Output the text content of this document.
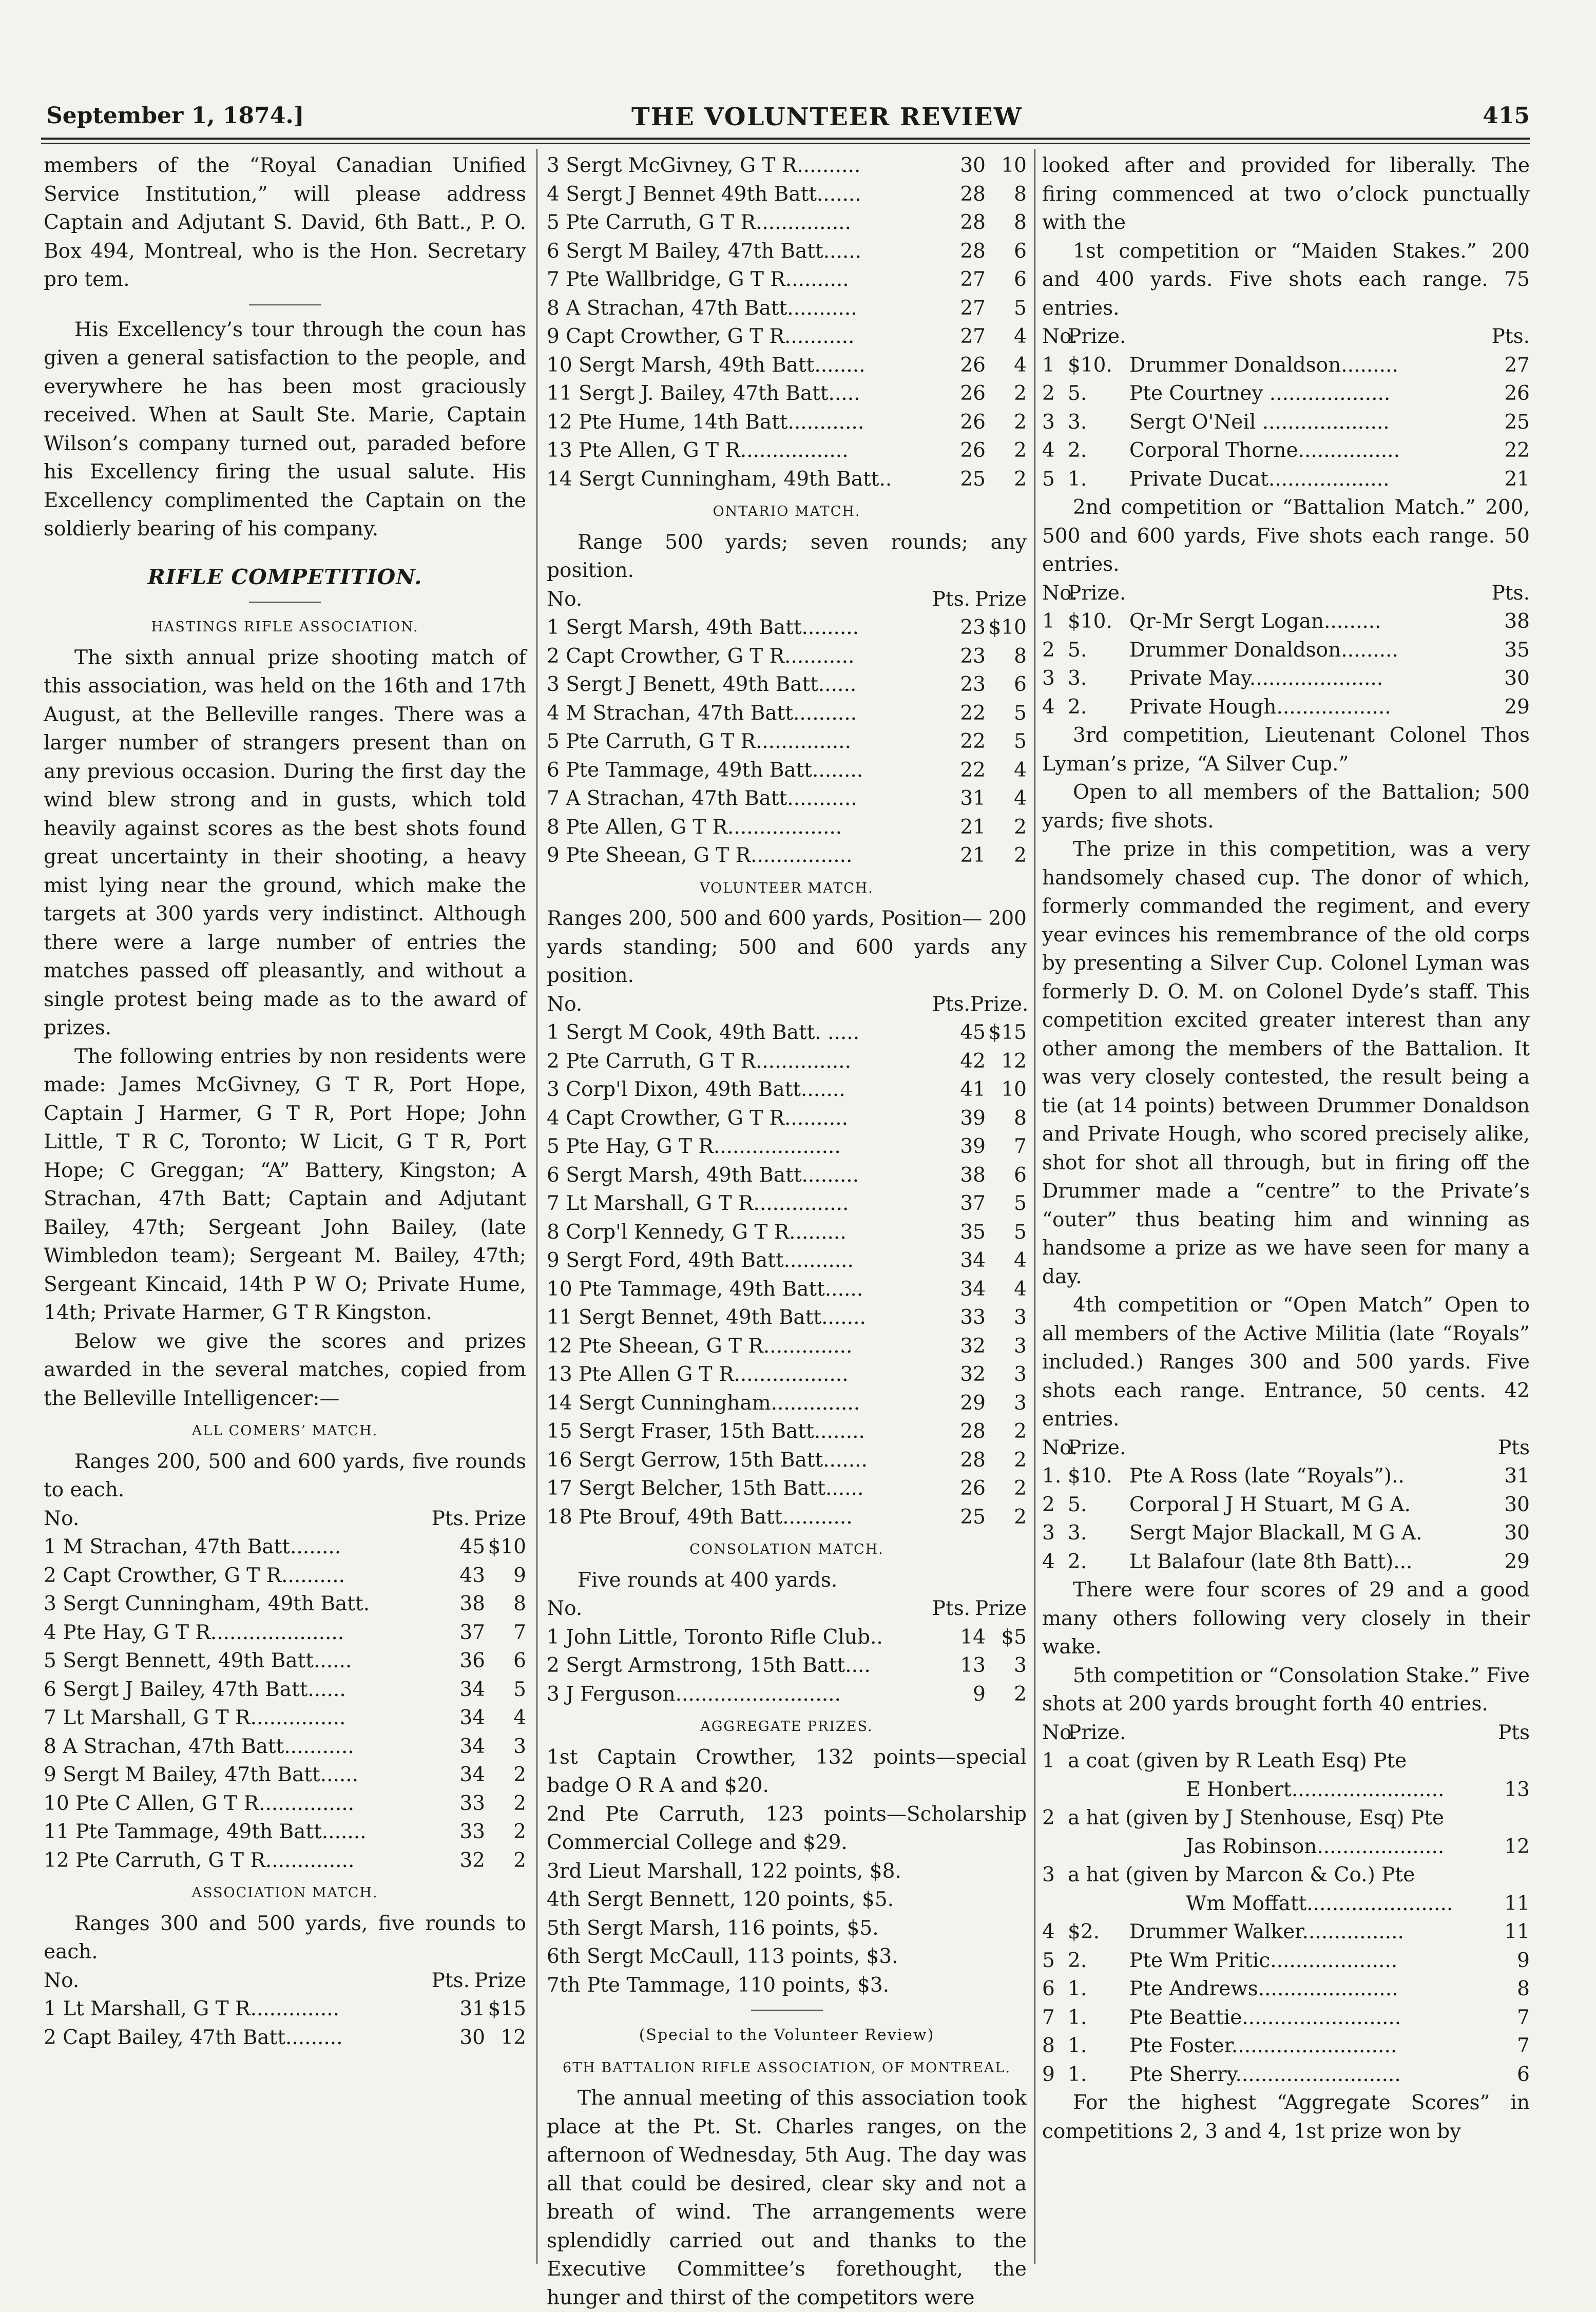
September 1, 1874.]	THE VOLUNTEER REVIEW	415

members of the “Royal Canadian Unified Service Institution,” will please address Captain and Adjutant S. David, 6th Batt., P. O. Box 494, Montreal, who is the Hon. Secretary pro tem.

His Excellency’s tour through the coun has given a general satisfaction to the people, and everywhere he has been most graciously received. When at Sault Ste. Marie, Captain Wilson’s company turned out, paraded before his Excellency firing the usual salute. His Excellency complimented the Captain on the soldierly bearing of his company.

RIFLE COMPETITION.
HASTINGS RIFLE ASSOCIATION.

The sixth annual prize shooting match of this association, was held on the 16th and 17th August, at the Belleville ranges. There was a larger number of strangers present than on any previous occasion. During the first day the wind blew strong and in gusts, which told heavily against scores as the best shots found great uncertainty in their shooting, a heavy mist lying near the ground, which make the targets at 300 yards very indistinct. Although there were a large number of entries the matches passed off pleasantly, and without a single protest being made as to the award of prizes.

The following entries by non residents were made: James McGivney, G T R, Port Hope, Captain J Harmer, G T R, Port Hope; John Little, T R C, Toronto; W Licit, G T R, Port Hope; C Greggan; “A” Battery, Kingston; A Strachan, 47th Batt; Captain and Adjutant Bailey, 47th; Sergeant John Bailey, (late Wimbledon team); Sergeant M. Bailey, 47th; Sergeant Kincaid, 14th P W O; Private Hume, 14th; Private Harmer, G T R Kingston.

Below we give the scores and prizes awarded in the several matches, copied from the Belleville Intelligencer:—

ALL COMERS’ MATCH.

Ranges 200, 500 and 600 yards, five rounds to each.

No.	Pts. Prize
1 M Strachan, 47th Batt........	45 $10
2 Capt Crowther, G T R..........	43	9
3 Sergt Cunningham, 49th Batt.	38	8
4 Pte Hay, G T R.....................	37	7
5 Sergt Bennett, 49th Batt......	36	6
6 Sergt J Bailey, 47th Batt......	34	5
7 Lt Marshall, G T R...............	34	4
8 A Strachan, 47th Batt...........	34	3
9 Sergt M Bailey, 47th Batt......	34	2
10 Pte C Allen, G T R...............	33	2
11 Pte Tammage, 49th Batt.......	33	2
12 Pte Carruth, G T R..............	32	2
ASSOCIATION MATCH.

Ranges 300 and 500 yards, five rounds to each.

No.	Pts. Prize
1 Lt Marshall, G T R..............	31 $15
2 Capt Bailey, 47th Batt.........	30 12
3 Sergt McGivney, G T R..........	30 10
4 Sergt J Bennet 49th Batt.......	28	8
5 Pte Carruth, G T R...............	28	8
6 Sergt M Bailey, 47th Batt......	28	6
7 Pte Wallbridge, G T R..........	27	6
8 A Strachan, 47th Batt...........	27	5
9 Capt Crowther, G T R...........	27	4
10 Sergt Marsh, 49th Batt........	26	4
11 Sergt J. Bailey, 47th Batt.....	26	2
12 Pte Hume, 14th Batt............	26	2
13 Pte Allen, G T R.................	26	2
14 Sergt Cunningham, 49th Batt..	25	2
ONTARIO MATCH.

Range 500 yards; seven rounds; any position.

No.	Pts. Prize
1 Sergt Marsh, 49th Batt.........	23 $10
2 Capt Crowther, G T R...........	23	8
3 Sergt J Benett, 49th Batt......	23	6
4 M Strachan, 47th Batt..........	22	5
5 Pte Carruth, G T R...............	22	5
6 Pte Tammage, 49th Batt........	22	4
7 A Strachan, 47th Batt...........	31	4
8 Pte Allen, G T R..................	21	2
9 Pte Sheean, G T R................	21	2
VOLUNTEER MATCH.

Ranges 200, 500 and 600 yards, Position— 200 yards standing; 500 and 600 yards any position.

No.	Pts. Prize.
1 Sergt M Cook, 49th Batt. .....	45 $15
2 Pte Carruth, G T R...............	42 12
3 Corp'l Dixon, 49th Batt.......	41 10
4 Capt Crowther, G T R..........	39	8
5 Pte Hay, G T R....................	39	7
6 Sergt Marsh, 49th Batt.........	38	6
7 Lt Marshall, G T R...............	37	5
8 Corp'l Kennedy, G T R.........	35	5
9 Sergt Ford, 49th Batt...........	34	4
10 Pte Tammage, 49th Batt......	34	4
11 Sergt Bennet, 49th Batt.......	33	3
12 Pte Sheean, G T R..............	32	3
13 Pte Allen G T R..................	32	3
14 Sergt Cunningham..............	29	3
15 Sergt Fraser, 15th Batt........	28	2
16 Sergt Gerrow, 15th Batt.......	28	2
17 Sergt Belcher, 15th Batt......	26	2
18 Pte Brouf, 49th Batt...........	25	2
CONSOLATION MATCH.

Five rounds at 400 yards.

No.	Pts. Prize
1 John Little, Toronto Rifle Club..	14 $5
2 Sergt Armstrong, 15th Batt....	13	3
3 J Ferguson..........................	9	2
AGGREGATE PRIZES.

1st Captain Crowther, 132 points—special badge O R A and $20.

2nd Pte Carruth, 123 points—Scholarship Commercial College and $29.

3rd Lieut Marshall, 122 points, $8.

4th Sergt Bennett, 120 points, $5.

5th Sergt Marsh, 116 points, $5.

6th Sergt McCaull, 113 points, $3.

7th Pte Tammage, 110 points, $3.

(Special to the Volunteer Review)
6TH BATTALION RIFLE ASSOCIATION, OF MONTREAL.

The annual meeting of this association took place at the Pt. St. Charles ranges, on the afternoon of Wednesday, 5th Aug. The day was all that could be desired, clear sky and not a breath of wind. The arrangements were splendidly carried out and thanks to the Executive Committee’s forethought, the hunger and thirst of the competitors were

looked after and provided for liberally. The firing commenced at two o’clock punctually with the

1st competition or “Maiden Stakes.” 200 and 400 yards. Five shots each range. 75 entries.

No.
Prize.	Pts.
1 $10. Drummer Donaldson.........	27
2 5.	Pte Courtney ...................	26
3 3.	Sergt O'Neil ....................	25
4 2.	Corporal Thorne................	22
5 1.	Private Ducat...................	21

2nd competition or “Battalion Match.” 200, 500 and 600 yards, Five shots each range. 50 entries.

No.
Prize.	Pts.
1 $10. Qr-Mr Sergt Logan.........	38
2 5.	Drummer Donaldson.........	35
3 3.	Private May.....................	30
4 2.	Private Hough..................	29

3rd competition, Lieutenant Colonel Thos Lyman’s prize, “A Silver Cup.”

Open to all members of the Battalion; 500 yards; five shots.

The prize in this competition, was a very handsomely chased cup. The donor of which, formerly commanded the regiment, and every year evinces his remembrance of the old corps by presenting a Silver Cup. Colonel Lyman was formerly D. O. M. on Colonel Dyde’s staff. This competition excited greater interest than any other among the members of the Battalion. It was very closely contested, the result being a tie (at 14 points) between Drummer Donaldson and Private Hough, who scored precisely alike, shot for shot all through, but in firing off the Drummer made a “centre” to the Private’s “outer” thus beating him and winning as handsome a prize as we have seen for many a day.

4th competition or “Open Match” Open to all members of the Active Militia (late “Royals” included.) Ranges 300 and 500 yards. Five shots each range. Entrance, 50 cents. 42 entries.

No.
Prize.	Pts
1. $10. Pte A Ross (late “Royals”)..	31
2 5.	Corporal J H Stuart, M G A.	30
3 3.	Sergt Major Blackall, M G A.	30
4 2.	Lt Balafour (late 8th Batt)...	29

There were four scores of 29 and a good many others following very closely in their wake.

5th competition or “Consolation Stake.” Five shots at 200 yards brought forth 40 entries.

No.
Prize.	Pts
1 a coat (given by R Leath Esq) Pte
E Honbert........................	13
2 a hat (given by J Stenhouse, Esq) Pte
Jas Robinson....................	12
3 a hat (given by Marcon & Co.) Pte
Wm Moffatt.......................	11
4 $2.	Drummer Walker................	11
5 2.	Pte Wm Pritic....................	9
6 1.	Pte Andrews......................	8
7 1.	Pte Beattie.........................	7
8 1.	Pte Foster..........................	7
9 1.	Pte Sherry..........................	6

For the highest “Aggregate Scores” in competitions 2, 3 and 4, 1st prize won by
